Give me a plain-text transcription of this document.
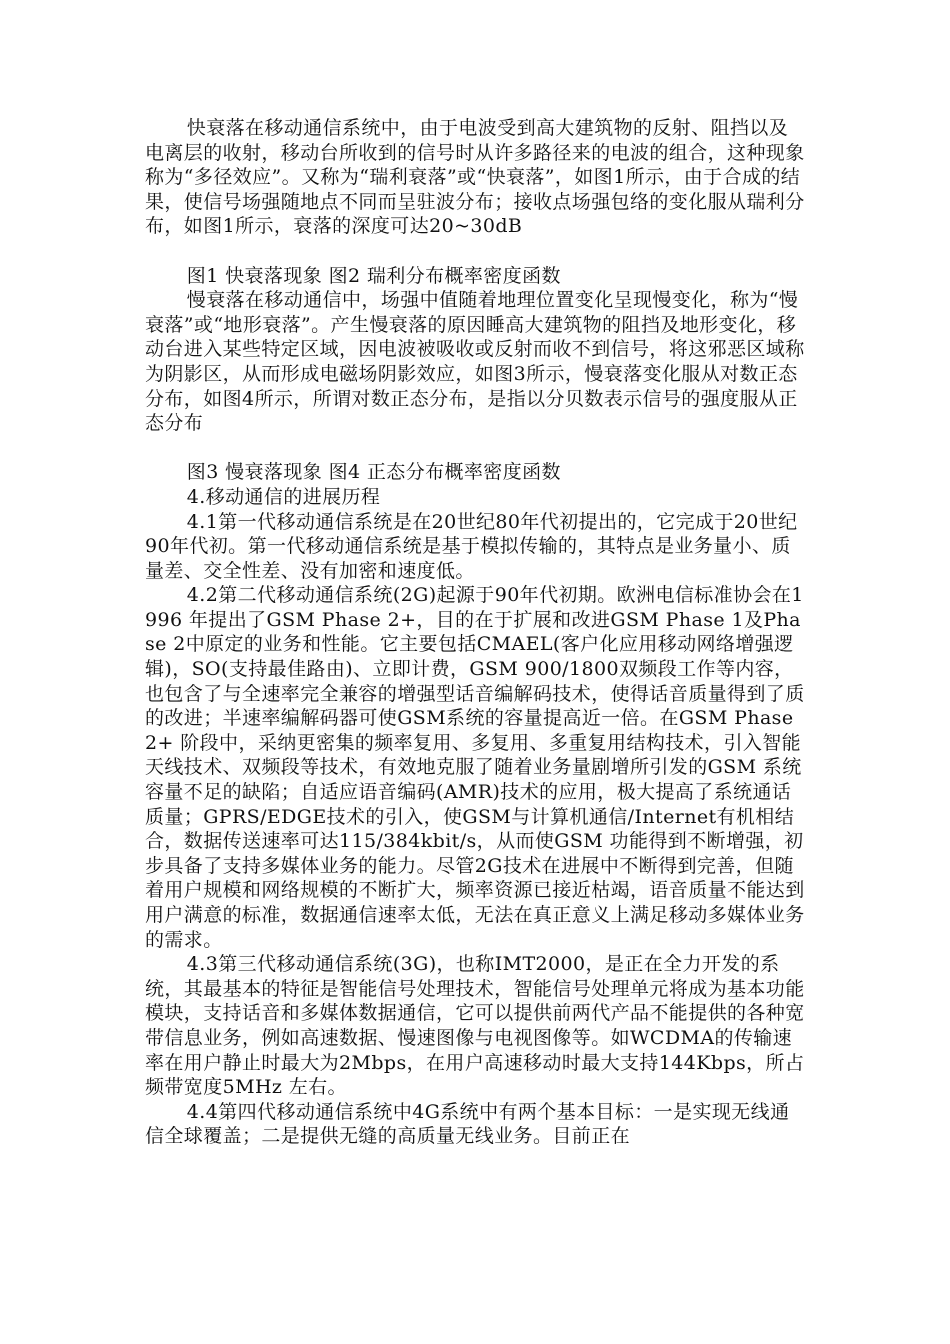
快衰落在移动通信系统中，由于电波受到高大建筑物的反射、阻挡以及电离层的收射，移动台所收到的信号时从许多路径来的电波的组合，这种现象称为“多径效应”。又称为“瑞利衰落”或“快衰落”，如图1所示，由于合成的结果，使信号场强随地点不同而呈驻波分布；接收点场强包络的变化服从瑞利分布，如图1所示，衰落的深度可达20~30dB

图1 快衰落现象 图2 瑞利分布概率密度函数

慢衰落在移动通信中，场强中值随着地理位置变化呈现慢变化，称为“慢衰落”或“地形衰落”。产生慢衰落的原因睡高大建筑物的阻挡及地形变化，移动台进入某些特定区域，因电波被吸收或反射而收不到信号，将这邪恶区域称为阴影区，从而形成电磁场阴影效应，如图3所示，慢衰落变化服从对数正态分布，如图4所示，所谓对数正态分布，是指以分贝数表示信号的强度服从正态分布

图3 慢衰落现象 图4 正态分布概率密度函数

4.移动通信的进展历程

4.1第一代移动通信系统是在20世纪80年代初提出的，它完成于20世纪90年代初。第一代移动通信系统是基于模拟传输的，其特点是业务量小、质量差、交全性差、没有加密和速度低。

4.2第二代移动通信系统(2G)起源于90年代初期。欧洲电信标准协会在1996 年提出了GSM Phase 2+，目的在于扩展和改进GSM Phase 1及Phase 2中原定的业务和性能。它主要包括CMAEL(客户化应用移动网络增强逻辑)，SO(支持最佳路由)、立即计费，GSM 900/1800双频段工作等内容，也包含了与全速率完全兼容的增强型话音编解码技术，使得话音质量得到了质的改进；半速率编解码器可使GSM系统的容量提高近一倍。在GSM Phase2+ 阶段中，采纳更密集的频率复用、多复用、多重复用结构技术，引入智能天线技术、双频段等技术，有效地克服了随着业务量剧增所引发的GSM 系统容量不足的缺陷；自适应语音编码(AMR)技术的应用，极大提高了系统通话质量；GPRS/EDGE技术的引入，使GSM与计算机通信/Internet有机相结合，数据传送速率可达115/384kbit/s，从而使GSM 功能得到不断增强，初步具备了支持多媒体业务的能力。尽管2G技术在进展中不断得到完善，但随着用户规模和网络规模的不断扩大，频率资源已接近枯竭，语音质量不能达到用户满意的标准，数据通信速率太低，无法在真正意义上满足移动多媒体业务的需求。

4.3第三代移动通信系统(3G)，也称IMT2000，是正在全力开发的系统，其最基本的特征是智能信号处理技术，智能信号处理单元将成为基本功能模块，支持话音和多媒体数据通信，它可以提供前两代产品不能提供的各种宽带信息业务，例如高速数据、慢速图像与电视图像等。如WCDMA的传输速率在用户静止时最大为2Mbps，在用户高速移动时最大支持144Kbps，所占频带宽度5MHz 左右。

4.4第四代移动通信系统中4G系统中有两个基本目标：一是实现无线通信全球覆盖；二是提供无缝的高质量无线业务。目前正在
